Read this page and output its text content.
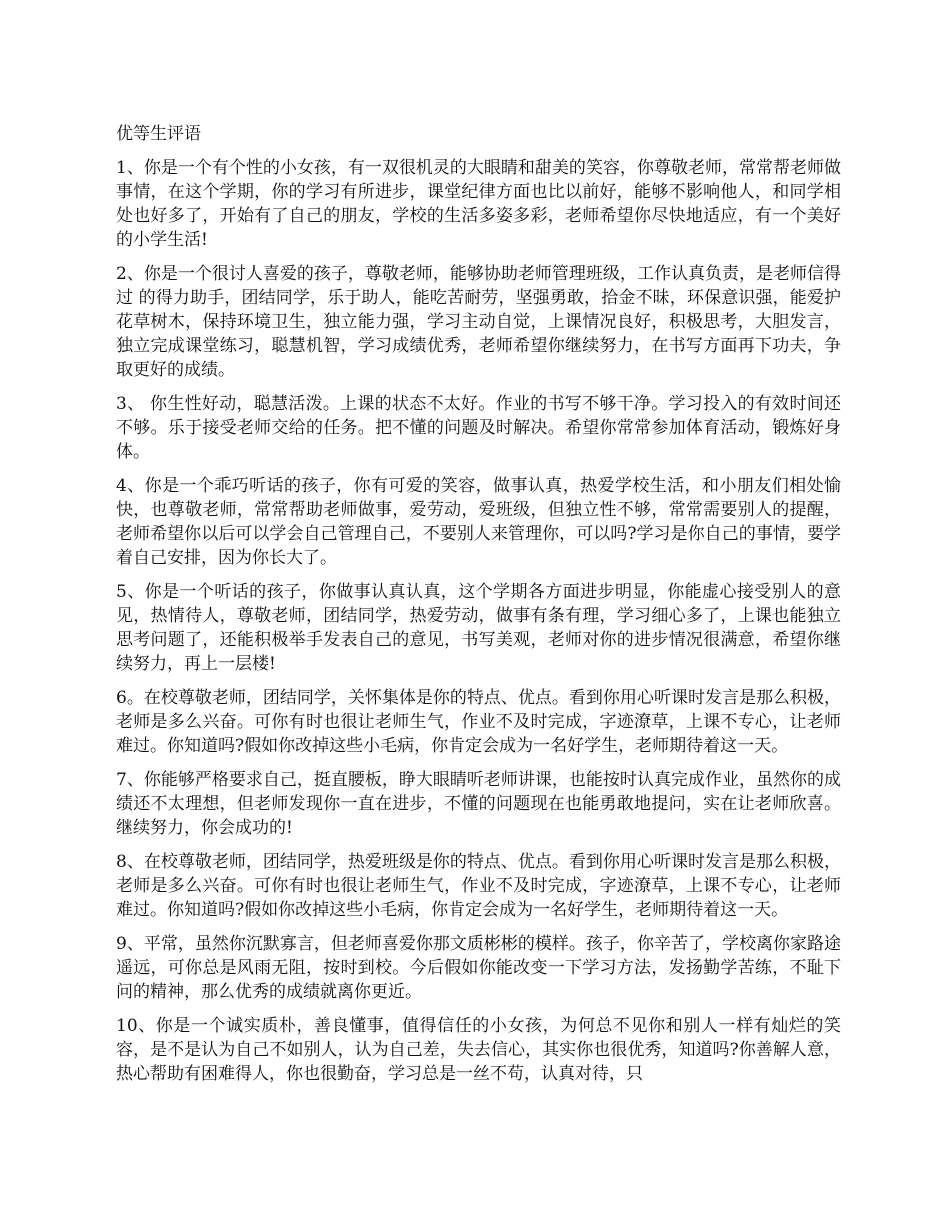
优等生评语

1、你是一个有个性的小女孩，有一双很机灵的大眼睛和甜美的笑容，你尊敬老师，常常帮老师做事情，在这个学期，你的学习有所进步，课堂纪律方面也比以前好，能够不影响他人，和同学相处也好多了，开始有了自己的朋友，学校的生活多姿多彩，老师希望你尽快地适应，有一个美好的小学生活!

2、你是一个很讨人喜爱的孩子，尊敬老师，能够协助老师管理班级，工作认真负责，是老师信得过 的得力助手，团结同学，乐于助人，能吃苦耐劳，坚强勇敢，拾金不昧，环保意识强，能爱护花草树木，保持环境卫生，独立能力强，学习主动自觉，上课情况良好，积极思考，大胆发言，独立完成课堂练习，聪慧机智，学习成绩优秀，老师希望你继续努力，在书写方面再下功夫，争取更好的成绩。

3、 你生性好动，聪慧活泼。上课的状态不太好。作业的书写不够干净。学习投入的有效时间还不够。乐于接受老师交给的任务。把不懂的问题及时解决。希望你常常参加体育活动，锻炼好身体。

4、你是一个乖巧听话的孩子，你有可爱的笑容，做事认真，热爱学校生活，和小朋友们相处愉快，也尊敬老师，常常帮助老师做事，爱劳动，爱班级，但独立性不够，常常需要别人的提醒，老师希望你以后可以学会自己管理自己，不要别人来管理你，可以吗?学习是你自己的事情，要学着自己安排，因为你长大了。

5、你是一个听话的孩子，你做事认真认真，这个学期各方面进步明显，你能虚心接受别人的意见，热情待人，尊敬老师，团结同学，热爱劳动，做事有条有理，学习细心多了，上课也能独立思考问题了，还能积极举手发表自己的意见，书写美观，老师对你的进步情况很满意，希望你继续努力，再上一层楼!

6。在校尊敬老师，团结同学，关怀集体是你的特点、优点。看到你用心听课时发言是那么积极，老师是多么兴奋。可你有时也很让老师生气，作业不及时完成，字迹潦草，上课不专心，让老师难过。你知道吗?假如你改掉这些小毛病，你肯定会成为一名好学生，老师期待着这一天。

7、你能够严格要求自己，挺直腰板，睁大眼睛听老师讲课，也能按时认真完成作业，虽然你的成绩还不太理想，但老师发现你一直在进步，不懂的问题现在也能勇敢地提问，实在让老师欣喜。继续努力，你会成功的!

8、在校尊敬老师，团结同学，热爱班级是你的特点、优点。看到你用心听课时发言是那么积极，老师是多么兴奋。可你有时也很让老师生气，作业不及时完成，字迹潦草，上课不专心，让老师难过。你知道吗?假如你改掉这些小毛病，你肯定会成为一名好学生，老师期待着这一天。

9、平常，虽然你沉默寡言，但老师喜爱你那文质彬彬的模样。孩子，你辛苦了，学校离你家路途遥远，可你总是风雨无阻，按时到校。今后假如你能改变一下学习方法，发扬勤学苦练，不耻下问的精神，那么优秀的成绩就离你更近。

10、你是一个诚实质朴，善良懂事，值得信任的小女孩，为何总不见你和别人一样有灿烂的笑容，是不是认为自己不如别人，认为自己差，失去信心，其实你也很优秀，知道吗?你善解人意，热心帮助有困难得人，你也很勤奋，学习总是一丝不苟，认真对待，只
